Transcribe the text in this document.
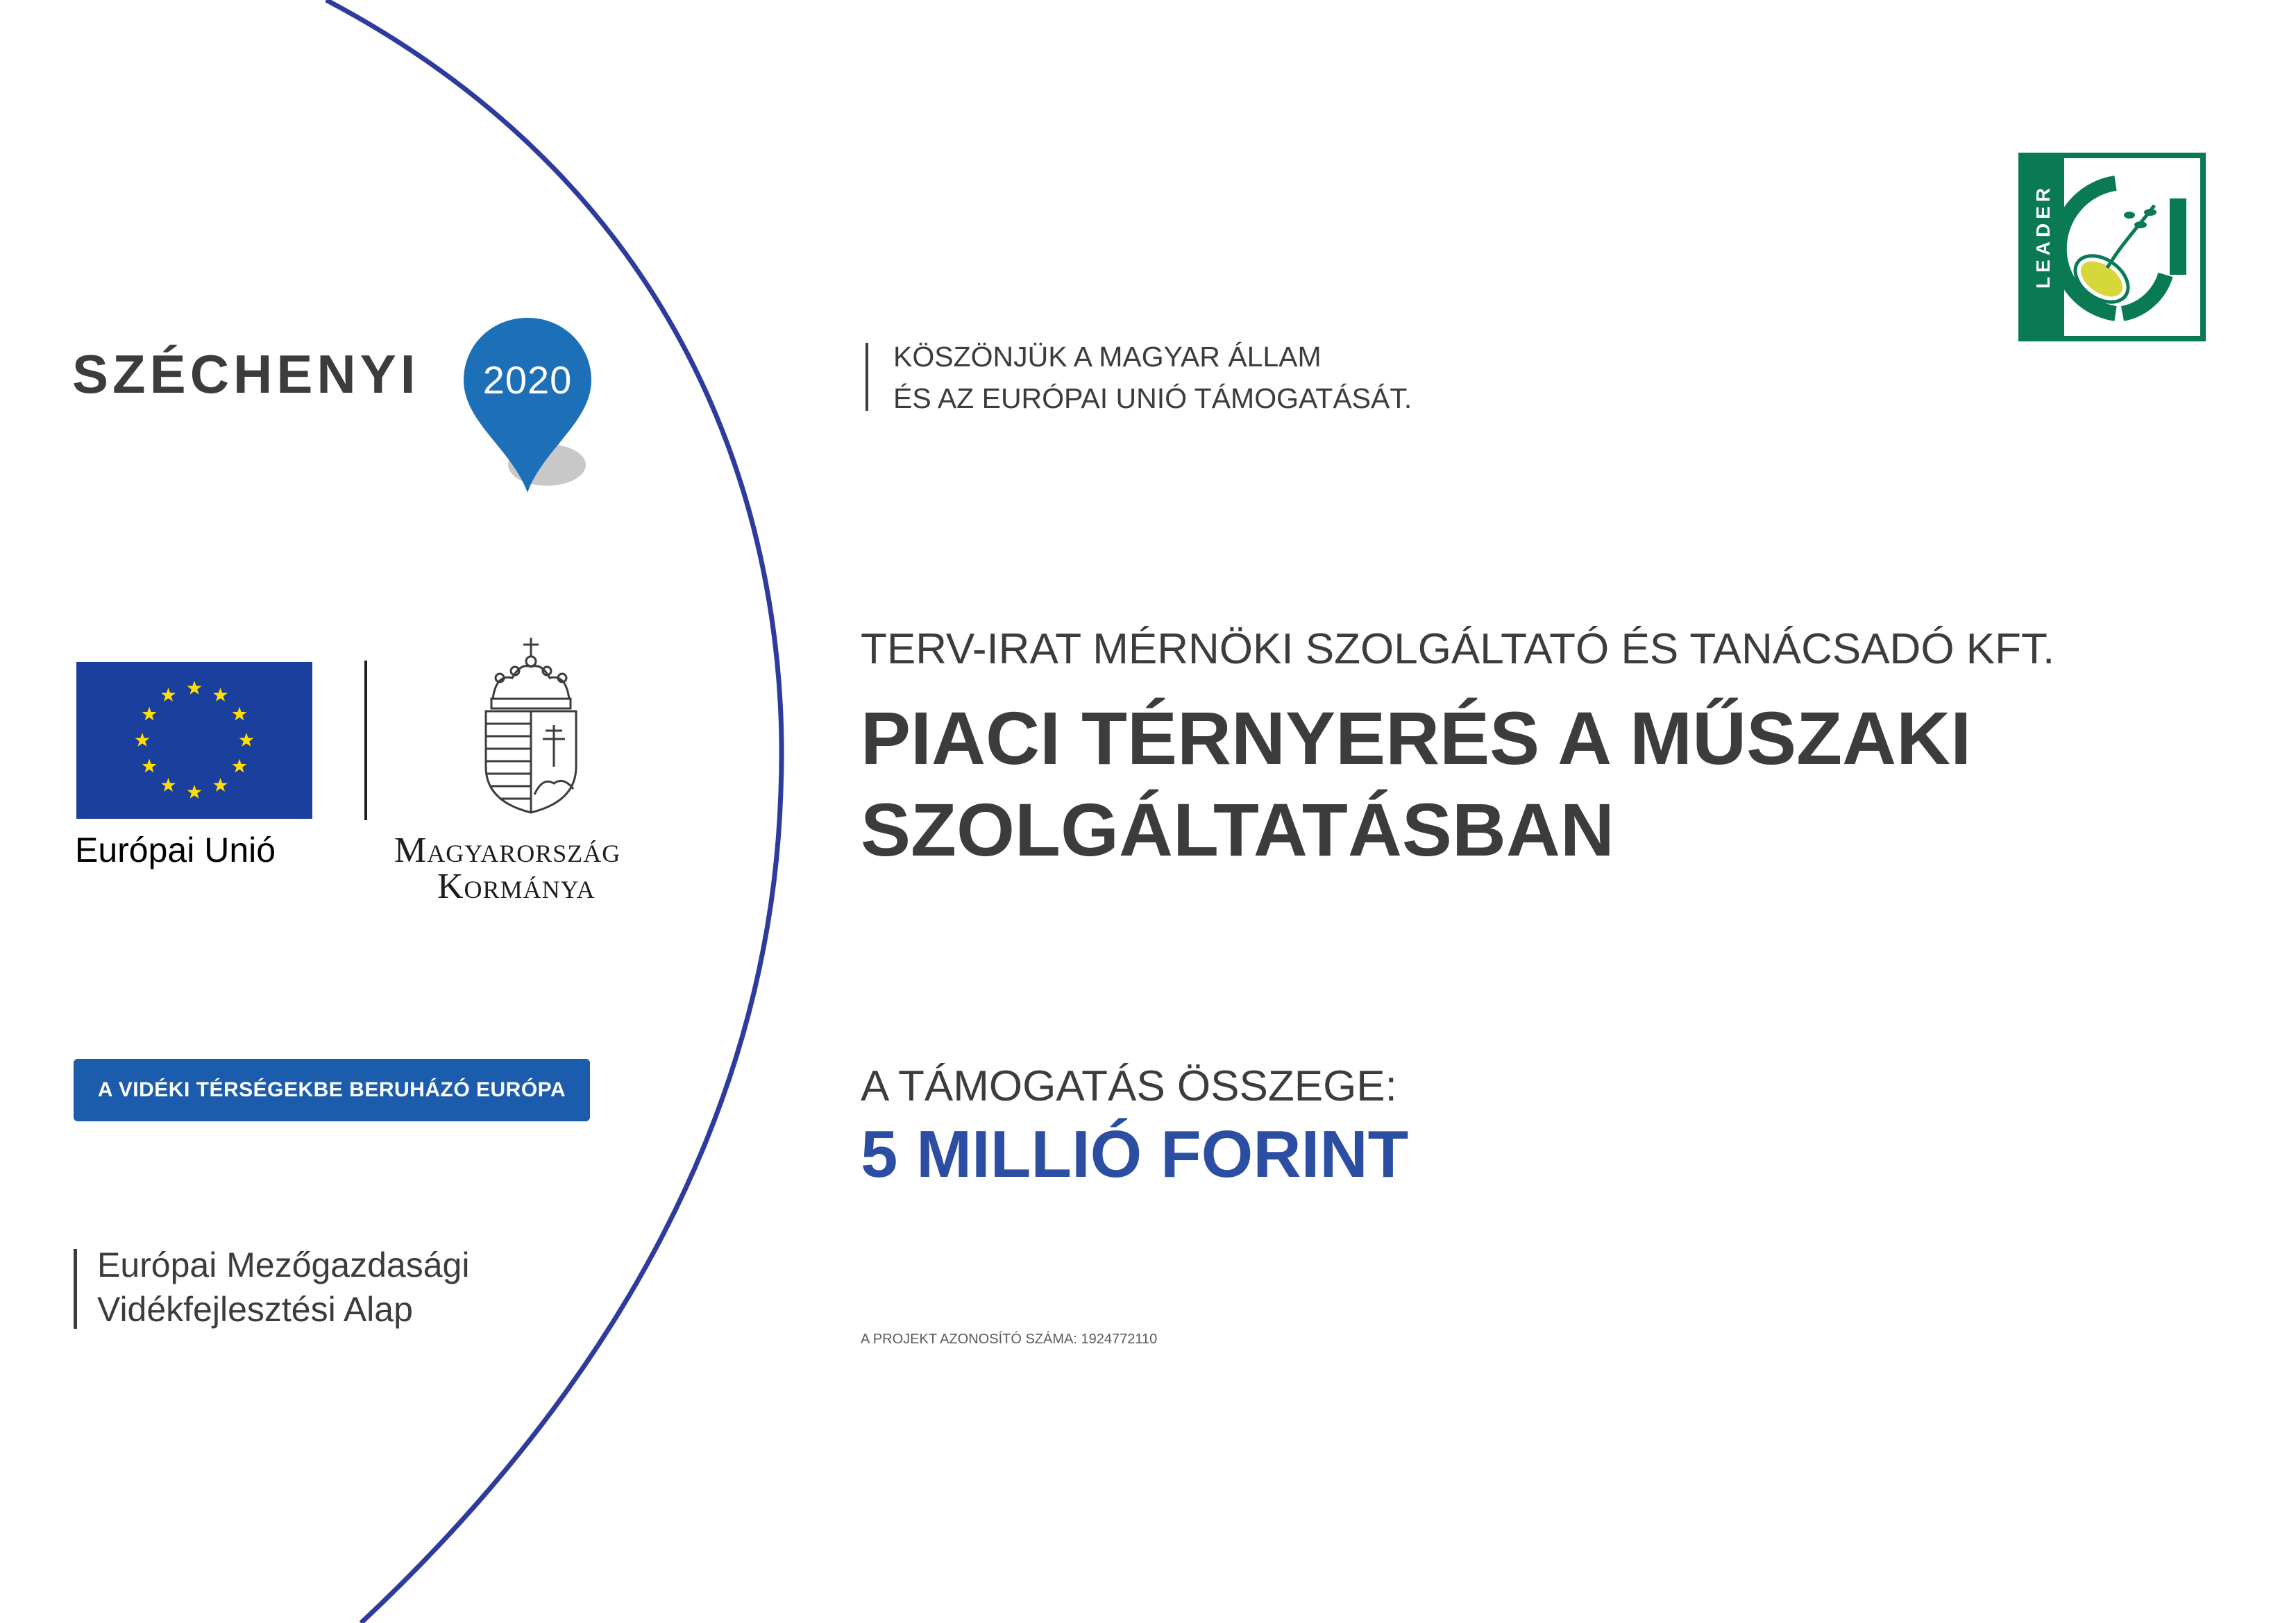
SZÉCHENYI	2020
KÖSZÖNJÜK A MAGYAR ÁLLAM
ÉS AZ EURÓPAI UNIÓ TÁMOGATÁSÁT.
LEADER
Európai Unió	Magyarország
Kormánya
A VIDÉKI TÉRSÉGEKBE BERUHÁZÓ EURÓPA
Európai Mezőgazdasági
Vidékfejlesztési Alap
TERV-IRAT MÉRNÖKI SZOLGÁLTATÓ ÉS TANÁCSADÓ KFT.
PIACI TÉRNYERÉS A MŰSZAKI
SZOLGÁLTATÁSBAN
A TÁMOGATÁS ÖSSZEGE:
5 MILLIÓ FORINT
A PROJEKT AZONOSÍTÓ SZÁMA: 1924772110
